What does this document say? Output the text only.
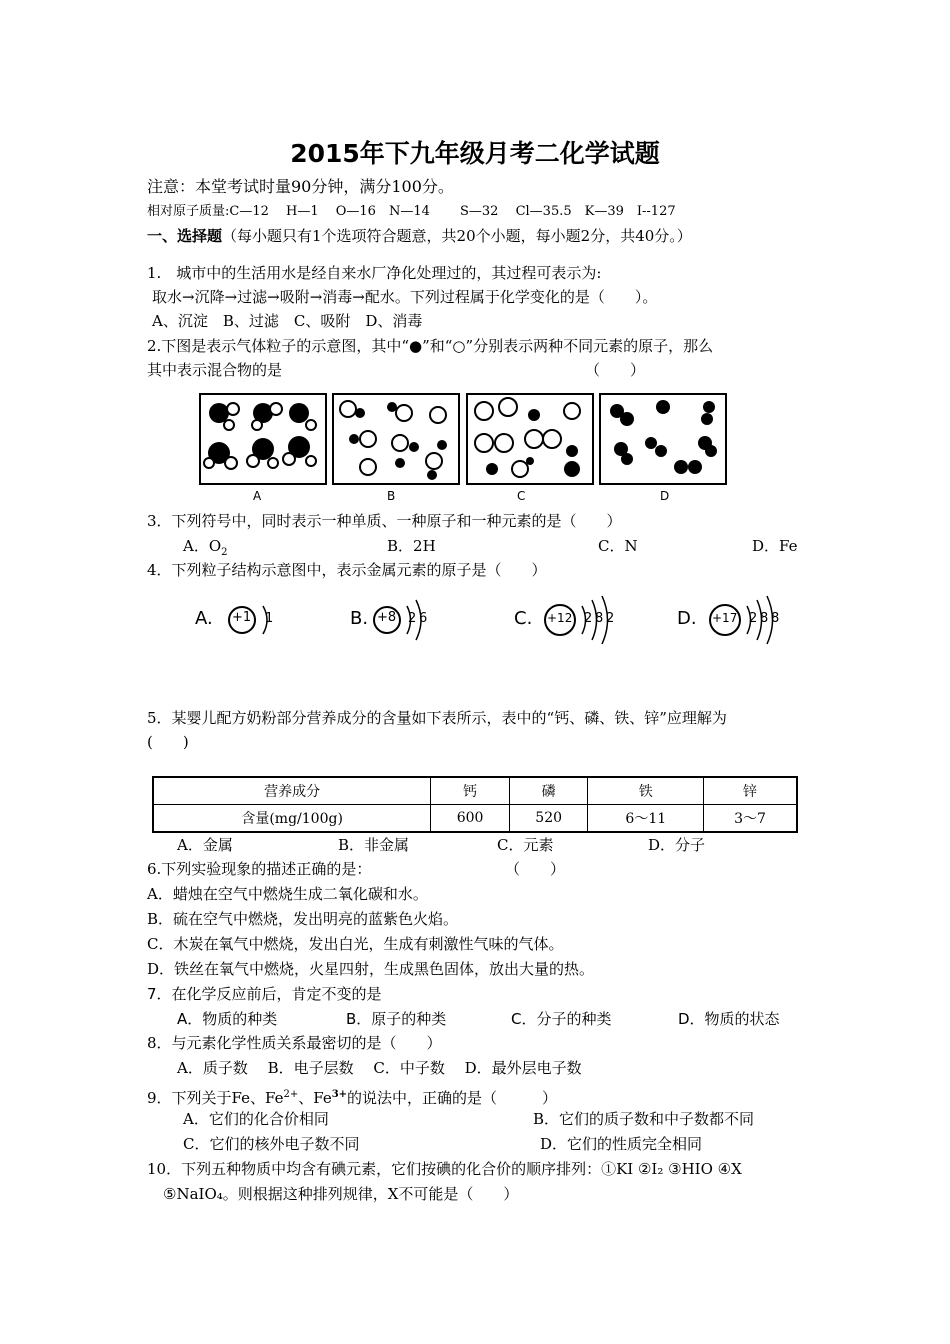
2015年下九年级月考二化学试题
注意：本堂考试时量90分钟，满分100分。
相对原子质量:C—12　 H—1　 O—16　N—14　　 S—32　 Cl—35.5　K—39　I--127
一、选择题（每小题只有1个选项符合题意，共20个小题，每小题2分，共40分。）
1.　城市中的生活用水是经自来水厂净化处理过的，其过程可表示为:
取水→沉降→过滤→吸附→消毒→配水。下列过程属于化学变化的是（　　）。
A、沉淀　B、过滤　C、吸附　D、消毒
2.下图是表示气体粒子的示意图，其中“●”和“○”分别表示两种不同元素的原子，那么
其中表示混合物的是	（　　）
A	B	C	D
3．下列符号中，同时表示一种单质、一种原子和一种元素的是（　　）
A．$O_2$	B．2H	C．N	D．Fe
4．下列粒子结构示意图中，表示金属元素的原子是（　　）
A. +1 1	B. +8 2 6	C. +12 2 8 2	D. +17 2 8 8
5．某婴儿配方奶粉部分营养成分的含量如下表所示，表中的“钙、磷、铁、锌”应理解为
(　　)
营养成分	钙	磷	铁	锌
含量(mg/100g)	600	520	6～11	3～7
A．金属	B．非金属	C．元素	D．分子
6.下列实验现象的描述正确的是：	（　　）
A．蜡烛在空气中燃烧生成二氧化碳和水。
B．硫在空气中燃烧，发出明亮的蓝紫色火焰。
C．木炭在氧气中燃烧，发出白光，生成有刺激性气味的气体。
D．铁丝在氧气中燃烧，火星四射，生成黑色固体，放出大量的热。
7．在化学反应前后，肯定不变的是
A．物质的种类	B．原子的种类	C．分子的种类	D．物质的状态
8．与元素化学性质关系最密切的是（　　）
A．质子数　 B．电子层数　 C．中子数　 D．最外层电子数
9．下列关于Fe、$Fe^{2+}$、$Fe^{3+}$的说法中，正确的是（　　　）
A．它们的化合价相同	B．它们的质子数和中子数都不同
C．它们的核外电子数不同	D．它们的性质完全相同
10．下列五种物质中均含有碘元素，它们按碘的化合价的顺序排列：①KI ②I₂ ③HIO ④X
⑤NaIO₄。则根据这种排列规律，X不可能是（　　）
